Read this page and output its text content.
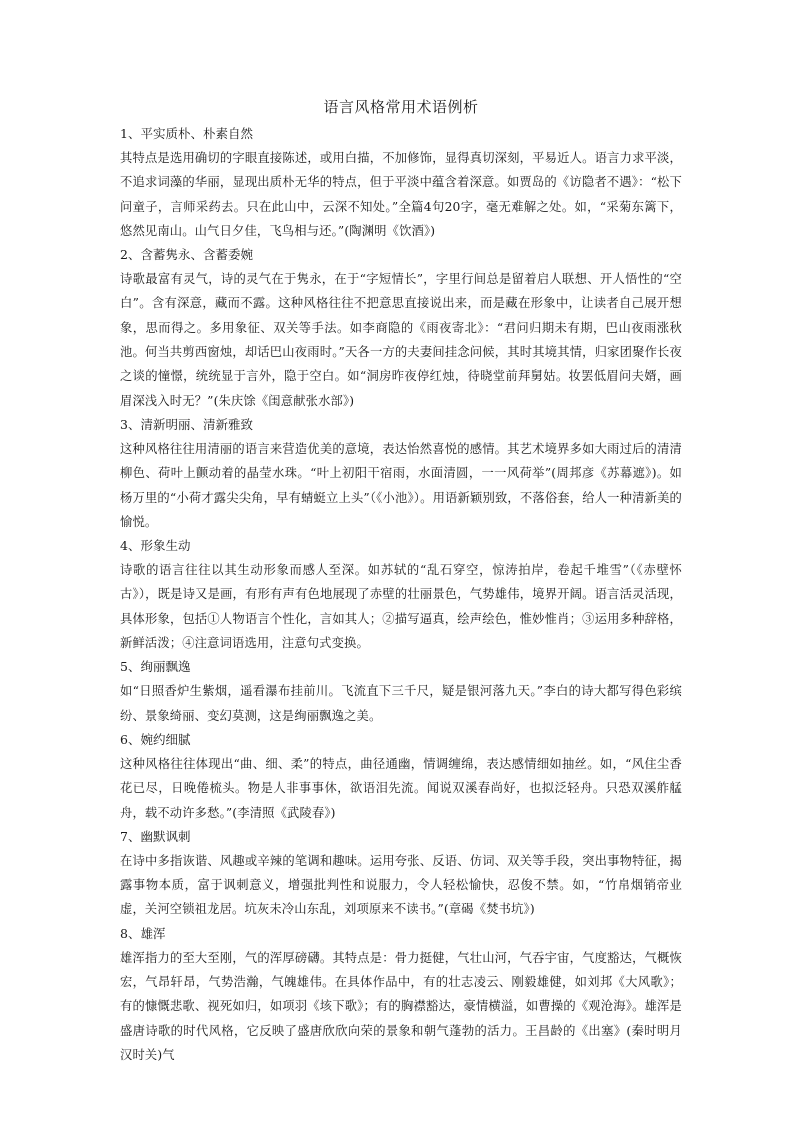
语言风格常用术语例析

1、平实质朴、朴素自然

其特点是选用确切的字眼直接陈述，或用白描，不加修饰，显得真切深刻，平易近人。语言力求平淡，不追求词藻的华丽，显现出质朴无华的特点，但于平淡中蕴含着深意。如贾岛的《访隐者不遇》：“松下问童子，言师采药去。只在此山中，云深不知处。”全篇4句20字，毫无难解之处。如，“采菊东篱下，悠然见南山。山气日夕佳，飞鸟相与还。”(陶渊明《饮酒》)

2、含蓄隽永、含蓄委婉

诗歌最富有灵气，诗的灵气在于隽永，在于“字短情长”，字里行间总是留着启人联想、开人悟性的“空白”。含有深意，藏而不露。这种风格往往不把意思直接说出来，而是藏在形象中，让读者自己展开想象，思而得之。多用象征、双关等手法。如李商隐的《雨夜寄北》：“君问归期未有期，巴山夜雨涨秋池。何当共剪西窗烛，却话巴山夜雨时。”天各一方的夫妻间挂念问候，其时其境其情，归家团聚作长夜之谈的憧憬，统统显于言外，隐于空白。如“洞房昨夜停红烛，待晓堂前拜舅姑。妆罢低眉问夫婿，画眉深浅入时无？”(朱庆馀《闺意献张水部》)

3、清新明丽、清新雅致

这种风格往往用清丽的语言来营造优美的意境，表达怡然喜悦的感情。其艺术境界多如大雨过后的清清柳色、荷叶上颤动着的晶莹水珠。“叶上初阳干宿雨，水面清圆，一一风荷举”(周邦彦《苏幕遮》)。如杨万里的“小荷才露尖尖角，早有蜻蜓立上头”（《小池》）。用语新颖别致，不落俗套，给人一种清新美的愉悦。

4、形象生动

诗歌的语言往往以其生动形象而感人至深。如苏轼的“乱石穿空，惊涛拍岸，卷起千堆雪”（《赤壁怀古》），既是诗又是画，有形有声有色地展现了赤壁的壮丽景色，气势雄伟，境界开阔。语言活灵活现，具体形象，包括①人物语言个性化，言如其人；②描写逼真，绘声绘色，惟妙惟肖；③运用多种辞格，新鲜活泼；④注意词语选用，注意句式变换。

5、绚丽飘逸

如“日照香炉生紫烟，遥看瀑布挂前川。飞流直下三千尺，疑是银河落九天。”李白的诗大都写得色彩缤纷、景象绮丽、变幻莫测，这是绚丽飘逸之美。

6、婉约细腻

这种风格往往体现出“曲、细、柔”的特点，曲径通幽，情调缠绵，表达感情细如抽丝。如，“风住尘香花已尽，日晚倦梳头。物是人非事事休，欲语泪先流。闻说双溪春尚好，也拟泛轻舟。只恐双溪舴艋舟，载不动许多愁。”(李清照《武陵春》)

7、幽默讽刺

在诗中多指诙谐、风趣或辛辣的笔调和趣味。运用夸张、反语、仿词、双关等手段，突出事物特征，揭露事物本质，富于讽刺意义，增强批判性和说服力，令人轻松愉快，忍俊不禁。如，“竹帛烟销帝业虚，关河空锁祖龙居。坑灰未冷山东乱，刘项原来不读书。”(章碣《焚书坑》)

8、雄浑

雄浑指力的至大至刚，气的浑厚磅礴。其特点是：骨力挺健，气壮山河，气吞宇宙，气度豁达，气概恢宏，气昂轩昂，气势浩瀚，气魄雄伟。在具体作品中，有的壮志凌云、刚毅雄健，如刘邦《大风歌》；有的慷慨悲歌、视死如归，如项羽《垓下歌》；有的胸襟豁达，豪情横溢，如曹操的《观沧海》。雄浑是盛唐诗歌的时代风格，它反映了盛唐欣欣向荣的景象和朝气蓬勃的活力。王昌龄的《出塞》(秦时明月汉时关)气
